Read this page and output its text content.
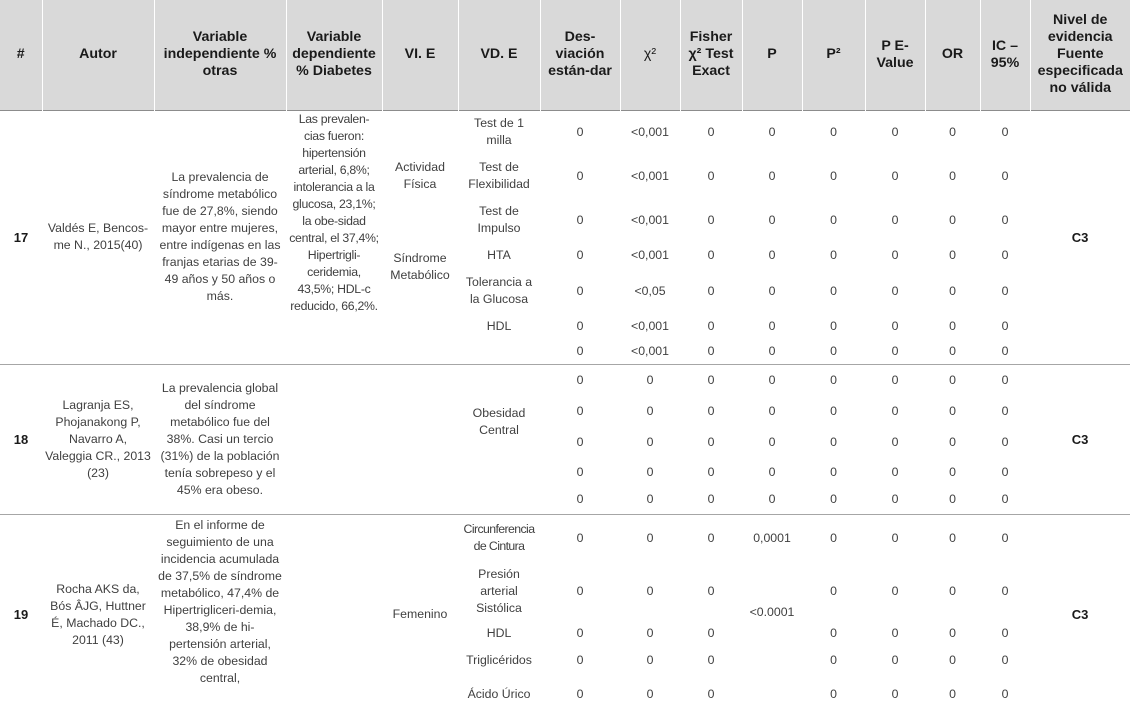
#	Autor	Variable independiente % otras	Variable dependiente % Diabetes	VI. E	VD. E	Des-viación están-dar	χ²	Fisher χ² Test Exact	P	P²	P E-Value	OR	IC – 95%	Nivel de evidencia Fuente especificada no válida
17	Valdés E, Bencos-me N., 2015(40)	La prevalencia de síndrome metabólico fue de 27,8%, siendo mayor entre mujeres, entre indígenas en las franjas etarias de 39-49 años y 50 años o más.	Las prevalen-cias fueron: hipertensión arterial, 6,8%; intolerancia a la glucosa, 23,1%; la obe-sidad central, el 37,4%; Hipertrigli-ceridemia, 43,5%; HDL-c reducido, 66,2%.	Actividad Física	Test de 1 milla	0	<0,001	0	0	0	0	0	0	C3
					Test de Flexibilidad	0	<0,001	0	0	0	0	0	0	
					Test de Impulso	0	<0,001	0	0	0	0	0	0	
				Síndrome Metabólico	HTA	0	<0,001	0	0	0	0	0	0	
					Tolerancia a la Glucosa	0	<0,05	0	0	0	0	0	0	
					HDL	0	<0,001	0	0	0	0	0	0	
						0	<0,001	0	0	0	0	0	0	
18	Lagranja ES, Phojanakong P, Navarro A, Valeggia CR., 2013 (23)	La prevalencia global del síndrome metabólico fue del 38%. Casi un tercio (31%) de la población tenía sobrepeso y el 45% era obeso.			Obesidad Central	0	0	0	0	0	0	0	0	C3
						0	0	0	0	0	0	0	0	
						0	0	0	0	0	0	0	0	
						0	0	0	0	0	0	0	0	
						0	0	0	0	0	0	0	0	
19	Rocha AKS da, Bós ÂJG, Huttner É, Machado DC., 2011 (43)	En el informe de seguimiento de una incidencia acumulada de 37,5% de síndrome metabólico, 47,4% de Hipertrigliceri-demia, 38,9% de hi-pertensión arterial, 32% de obesidad central,		Femenino	Circunferencia de Cintura	0	0	0	0,0001	0	0	0	0	C3
					Presión arterial Sistólica	0	0	0	<0.0001	0	0	0	0	
					HDL	0	0	0		0	0	0	0	
					Triglicéridos	0	0	0		0	0	0	0	
					Ácido Úrico	0	0	0		0	0	0	0	
